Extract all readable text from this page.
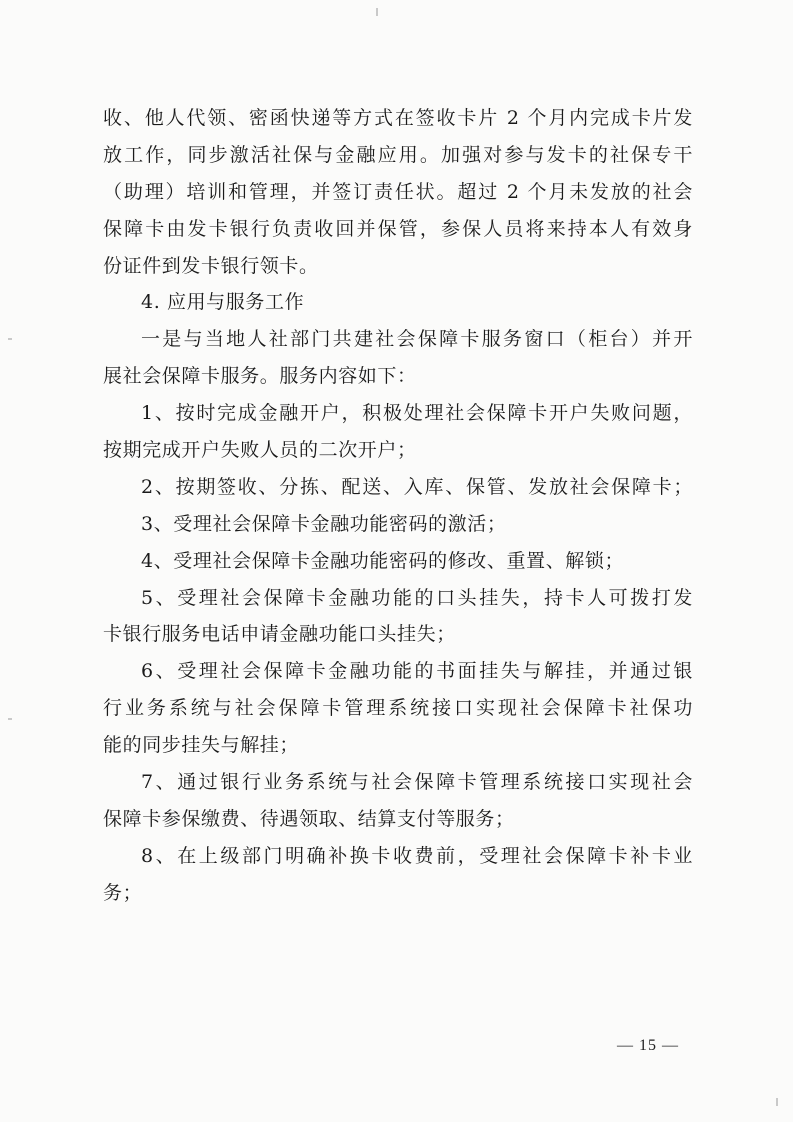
收、他人代领、密函快递等方式在签收卡片 2 个月内完成卡片发
放工作，同步激活社保与金融应用。加强对参与发卡的社保专干
（助理）培训和管理，并签订责任状。超过 2 个月未发放的社会
保障卡由发卡银行负责收回并保管，参保人员将来持本人有效身
份证件到发卡银行领卡。
4. 应用与服务工作
一是与当地人社部门共建社会保障卡服务窗口（柜台）并开
展社会保障卡服务。服务内容如下：
1、按时完成金融开户，积极处理社会保障卡开户失败问题，
按期完成开户失败人员的二次开户；
2、按期签收、分拣、配送、入库、保管、发放社会保障卡；
3、受理社会保障卡金融功能密码的激活；
4、受理社会保障卡金融功能密码的修改、重置、解锁；
5、受理社会保障卡金融功能的口头挂失，持卡人可拨打发
卡银行服务电话申请金融功能口头挂失；
6、受理社会保障卡金融功能的书面挂失与解挂，并通过银
行业务系统与社会保障卡管理系统接口实现社会保障卡社保功
能的同步挂失与解挂；
7、通过银行业务系统与社会保障卡管理系统接口实现社会
保障卡参保缴费、待遇领取、结算支付等服务；
8、在上级部门明确补换卡收费前，受理社会保障卡补卡业
务；
— 15 —
